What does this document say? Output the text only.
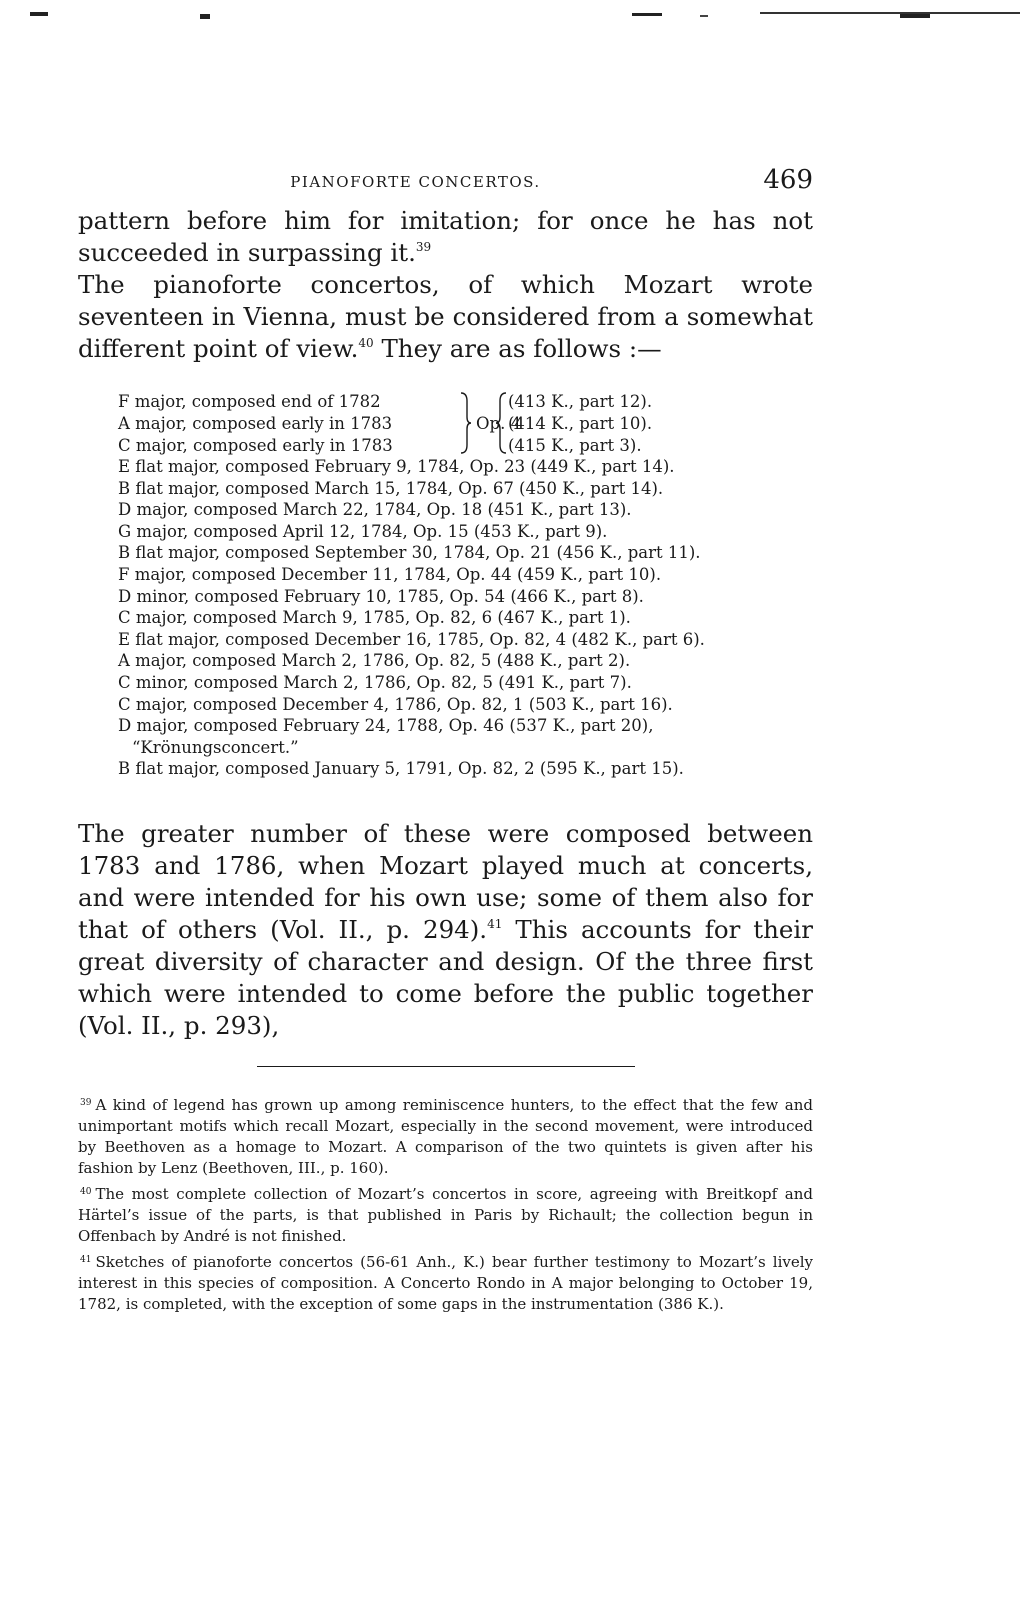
PIANOFORTE CONCERTOS.	469

pattern before him for imitation; for once he has not succeeded in surpassing it.$^{39}$

The pianoforte concertos, of which Mozart wrote seventeen in Vienna, must be considered from a somewhat different point of view.$^{40}$ They are as follows :—

F major, composed end of 1782
A major, composed early in 1783
C major, composed early in 1783
Op. 4
(413 K., part 12).
(414 K., part 10).
(415 K., part 3).
E flat major, composed February 9, 1784, Op. 23 (449 K., part 14).
B flat major, composed March 15, 1784, Op. 67 (450 K., part 14).
D major, composed March 22, 1784, Op. 18 (451 K., part 13).
G major, composed April 12, 1784, Op. 15 (453 K., part 9).
B flat major, composed September 30, 1784, Op. 21 (456 K., part 11).
F major, composed December 11, 1784, Op. 44 (459 K., part 10).
D minor, composed February 10, 1785, Op. 54 (466 K., part 8).
C major, composed March 9, 1785, Op. 82, 6 (467 K., part 1).
E flat major, composed December 16, 1785, Op. 82, 4 (482 K., part 6).
A major, composed March 2, 1786, Op. 82, 5 (488 K., part 2).
C minor, composed March 2, 1786, Op. 82, 5 (491 K., part 7).
C major, composed December 4, 1786, Op. 82, 1 (503 K., part 16).
D major, composed February 24, 1788, Op. 46 (537 K., part 20),
“Krönungsconcert.”
B flat major, composed January 5, 1791, Op. 82, 2 (595 K., part 15).

The greater number of these were composed between 1783 and 1786, when Mozart played much at concerts, and were intended for his own use; some of them also for that of others (Vol. II., p. 294).$^{41}$ This accounts for their great diversity of character and design. Of the three first which were intended to come before the public together (Vol. II., p. 293),

$^{39}$ A kind of legend has grown up among reminiscence hunters, to the effect that the few and unimportant motifs which recall Mozart, especially in the second movement, were introduced by Beethoven as a homage to Mozart. A comparison of the two quintets is given after his fashion by Lenz (Beethoven, III., p. 160).

$^{40}$ The most complete collection of Mozart’s concertos in score, agreeing with Breitkopf and Härtel’s issue of the parts, is that published in Paris by Richault; the collection begun in Offenbach by André is not finished.

$^{41}$ Sketches of pianoforte concertos (56-61 Anh., K.) bear further testimony to Mozart’s lively interest in this species of composition. A Concerto Rondo in A major belonging to October 19, 1782, is completed, with the exception of some gaps in the instrumentation (386 K.).
